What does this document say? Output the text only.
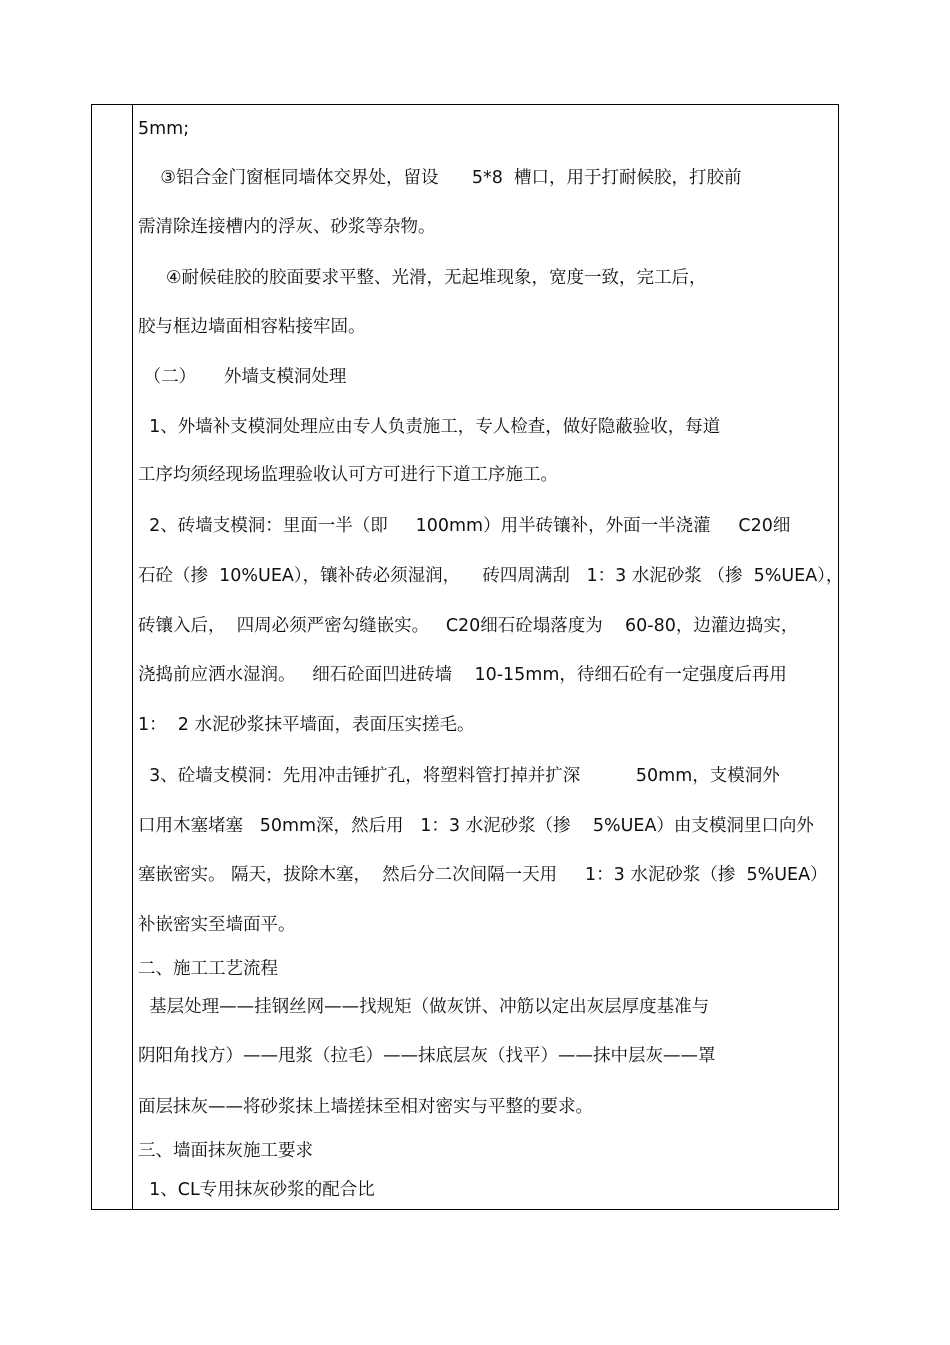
5mm;
③铝合金门窗框同墙体交界处，留设      5*8  槽口，用于打耐候胶，打胶前
需清除连接槽内的浮灰、砂浆等杂物。
④耐候硅胶的胶面要求平整、光滑，无起堆现象，宽度一致，完工后，
胶与框边墙面相容粘接牢固。
（二）     外墙支模洞处理
1、外墙补支模洞处理应由专人负责施工，专人检查，做好隐蔽验收，每道
工序均须经现场监理验收认可方可进行下道工序施工。
2、砖墙支模洞：里面一半（即     100mm）用半砖镶补，外面一半浇灌     C20细
石砼（掺  10%UEA），镶补砖必须湿润，    砖四周满刮   1：3 水泥砂浆 （掺  5%UEA），
砖镶入后，  四周必须严密勾缝嵌实。   C20细石砼塌落度为    60-80，边灌边捣实，
浇捣前应洒水湿润。   细石砼面凹进砖墙    10-15mm，待细石砼有一定强度后再用
1：  2 水泥砂浆抹平墙面，表面压实搓毛。
3、砼墙支模洞：先用冲击锤扩孔，将塑料管打掉并扩深          50mm，支模洞外
口用木塞堵塞   50mm深，然后用   1：3 水泥砂浆（掺    5%UEA）由支模洞里口向外
塞嵌密实。 隔天，拔除木塞，  然后分二次间隔一天用     1：3 水泥砂浆（掺  5%UEA）
补嵌密实至墙面平。
二、施工工艺流程
基层处理——挂钢丝网——找规矩（做灰饼、冲筋以定出灰层厚度基准与
阴阳角找方）——甩浆（拉毛）——抹底层灰（找平）——抹中层灰——罩
面层抹灰——将砂浆抹上墙搓抹至相对密实与平整的要求。
三、墙面抹灰施工要求
1、CL专用抹灰砂浆的配合比
